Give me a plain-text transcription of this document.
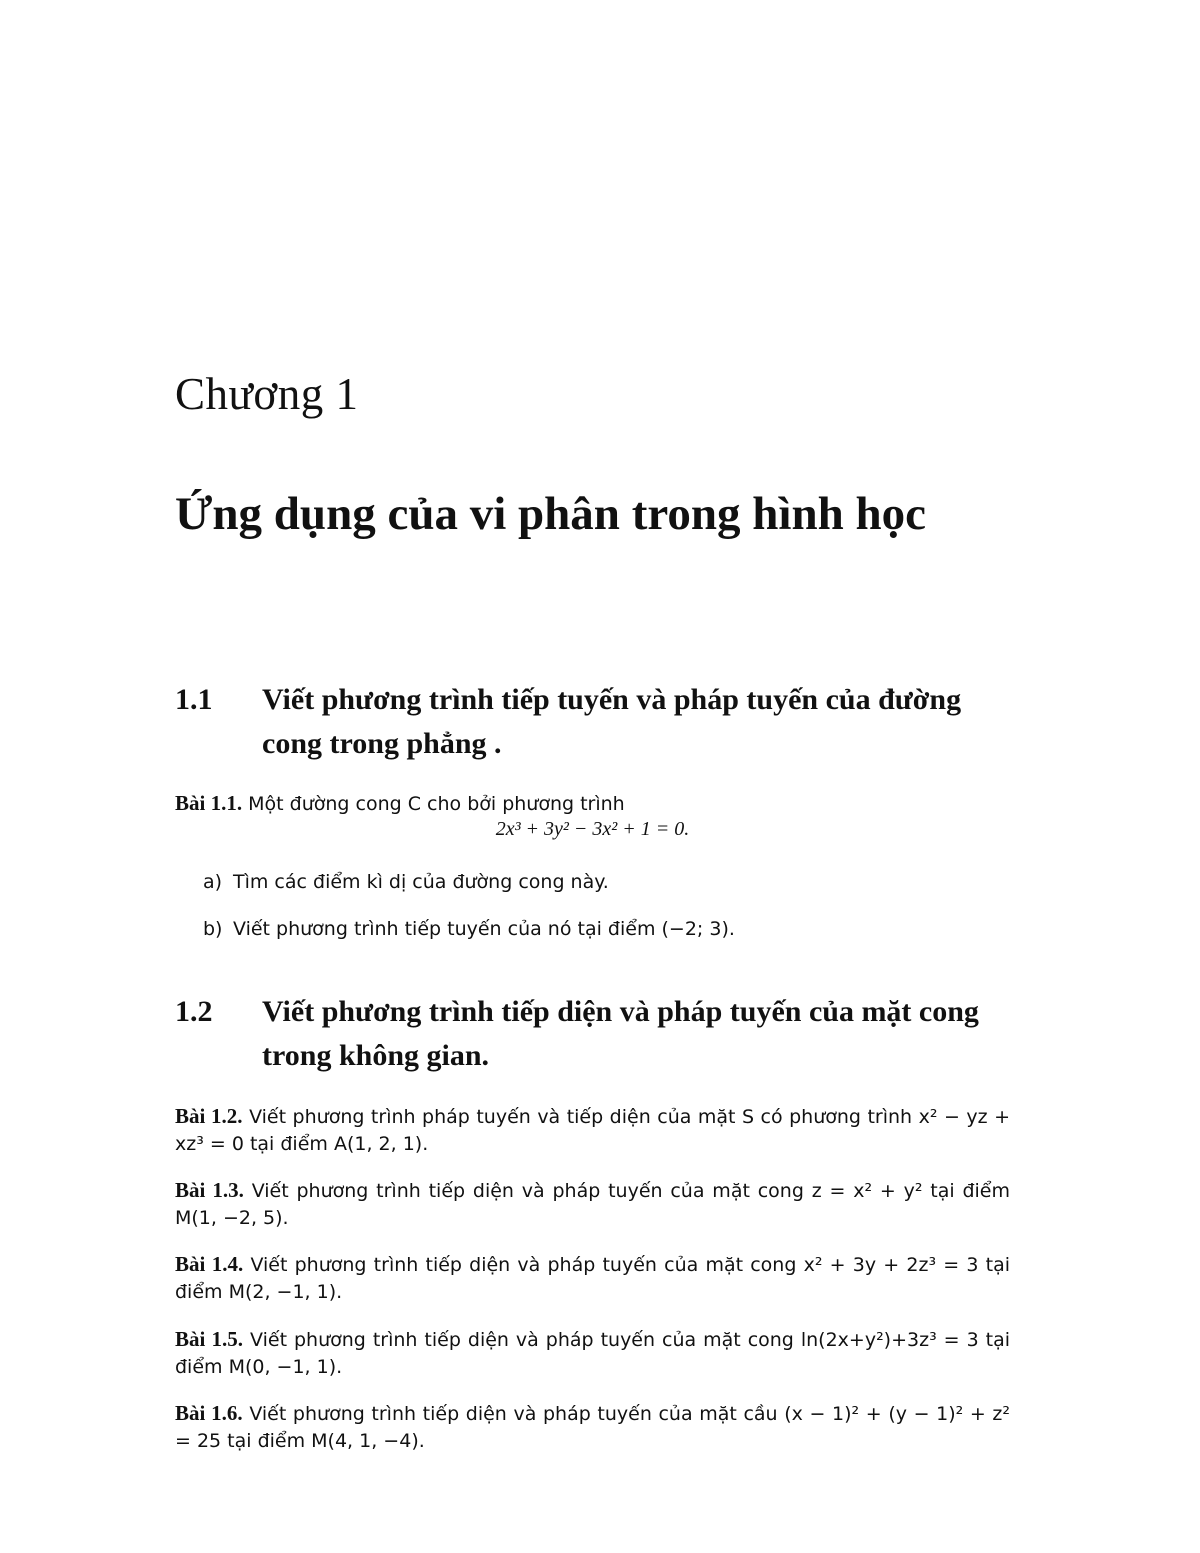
Chương 1
Ứng dụng của vi phân trong hình học
1.1	Viết phương trình tiếp tuyến và pháp tuyến của đường cong trong phẳng .
Bài 1.1. Một đường cong C cho bởi phương trình
2x³ + 3y² − 3x² + 1 = 0.
a) Tìm các điểm kì dị của đường cong này.
b) Viết phương trình tiếp tuyến của nó tại điểm (−2; 3).
1.2	Viết phương trình tiếp diện và pháp tuyến của mặt cong trong không gian.
Bài 1.2. Viết phương trình pháp tuyến và tiếp diện của mặt S có phương trình x² − yz + xz³ = 0 tại điểm A(1, 2, 1).
Bài 1.3. Viết phương trình tiếp diện và pháp tuyến của mặt cong z = x² + y² tại điểm M(1, −2, 5).
Bài 1.4. Viết phương trình tiếp diện và pháp tuyến của mặt cong x² + 3y + 2z³ = 3 tại điểm M(2, −1, 1).
Bài 1.5. Viết phương trình tiếp diện và pháp tuyến của mặt cong ln(2x+y²)+3z³ = 3 tại điểm M(0, −1, 1).
Bài 1.6. Viết phương trình tiếp diện và pháp tuyến của mặt cầu (x − 1)² + (y − 1)² + z² = 25 tại điểm M(4, 1, −4).
